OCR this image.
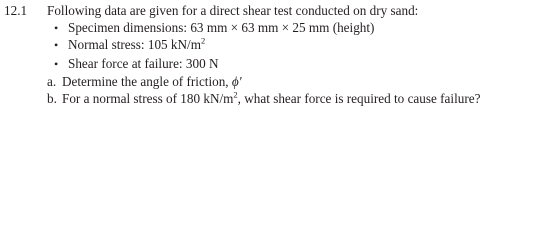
12.1 Following data are given for a direct shear test conducted on dry sand:
• Specimen dimensions: 63 mm × 63 mm × 25 mm (height)
• Normal stress: 105 $kN/m^2$
• Shear force at failure: 300 N
a. Determine the angle of friction, ϕ′
b. For a normal stress of 180 $kN/m^2$, what shear force is required to cause failure?
